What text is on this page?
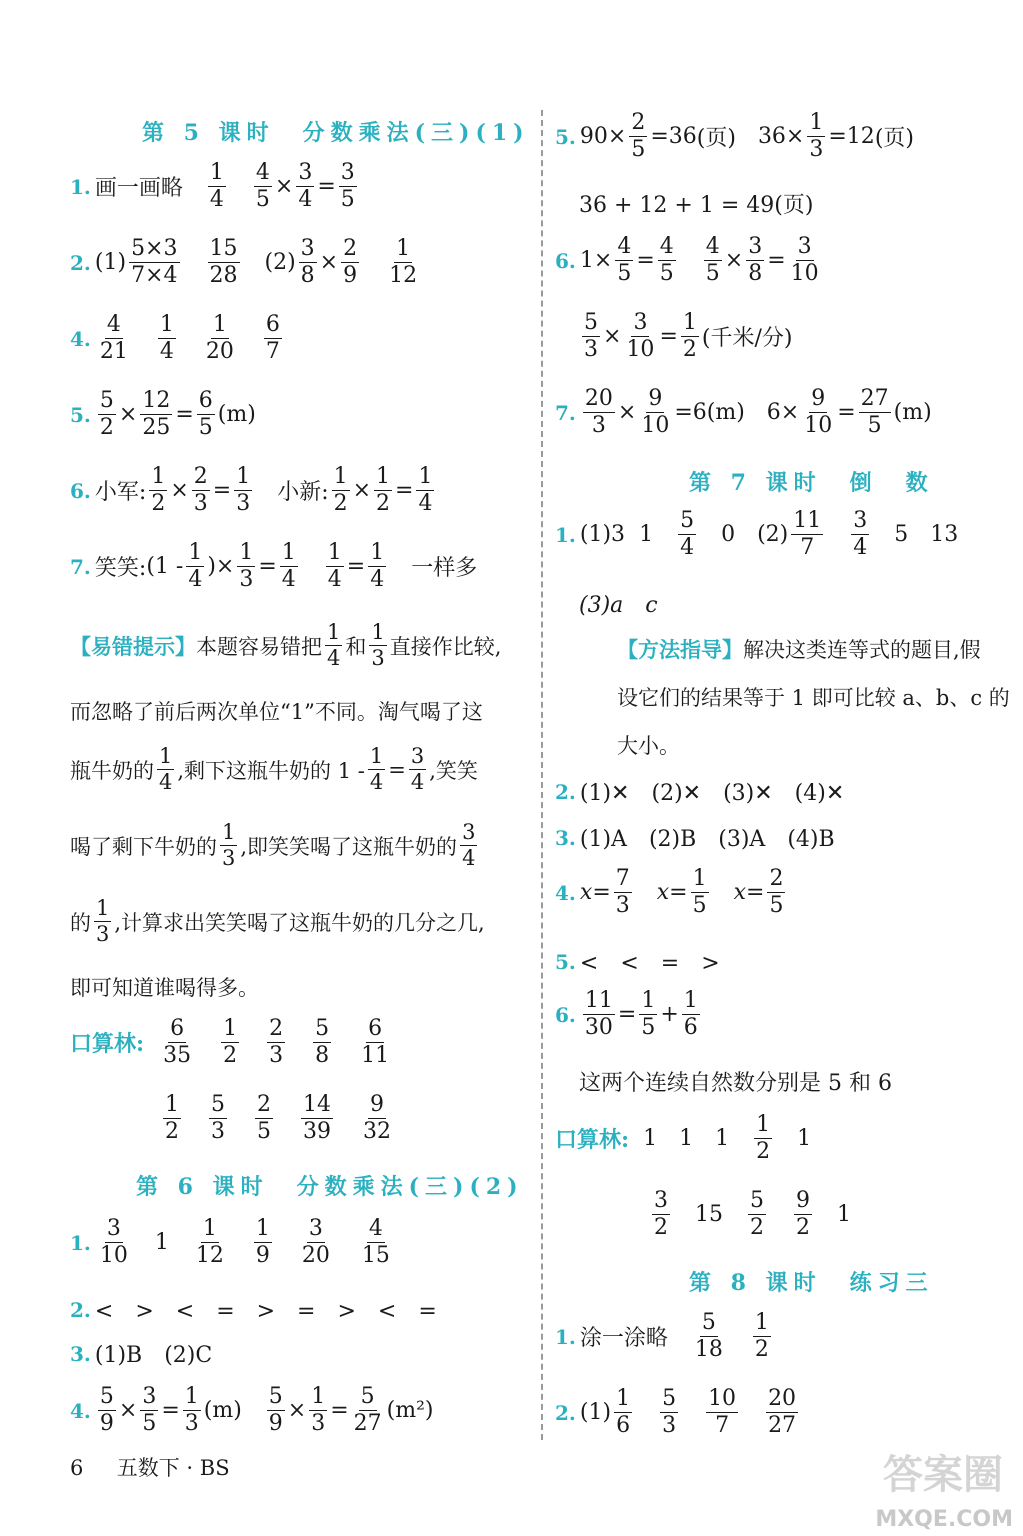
第 5 课时　分数乘法(三)(1)
1. 画一画略 $\frac{1}{4} \frac{4}{5} \times \frac{3}{4} = \frac{3}{5}$
2. $(1) \frac{5\times 3}{7\times 4} \frac{15}{28} (2) \frac{3}{8} \times \frac{2}{9} \frac{1}{12}$
4. $\frac{4}{21} \frac{1}{4} \frac{1}{20} \frac{6}{7}$
5. $\frac{5}{2} \times \frac{12}{25} = \frac{6}{5} (m)$
6. 小军: $\frac{1}{2} \times \frac{2}{3} = \frac{1}{3}$ 小新: $\frac{1}{2} \times \frac{1}{2} = \frac{1}{4}$
7. 笑笑: ($1 - \frac{1}{4}$ )× $\frac{1}{3} = \frac{1}{4} \frac{1}{4} = \frac{1}{4}$ 一样多
【易错提示】 本题容易错把 $\frac{1}{4}$ 和 $\frac{1}{3}$ 直接作比较,
而忽略了前后两次单位“1”不同。淘气喝了这
瓶牛奶的 $\frac{1}{4}$ ,剩下这瓶牛奶的 $1 - \frac{1}{4} = \frac{3}{4}$ ,笑笑
喝了剩下牛奶的 $\frac{1}{3}$ ,即笑笑喝了这瓶牛奶的 $\frac{3}{4}$
的 $\frac{1}{3}$ ,计算求出笑笑喝了这瓶牛奶的几分之几,
即可知道谁喝得多。
口算林: $\frac{6}{35} \frac{1}{2} \frac{2}{3} \frac{5}{8} \frac{6}{11}$
$\frac{1}{2} \frac{5}{3} \frac{2}{5} \frac{14}{39} \frac{9}{32}$
第 6 课时　分数乘法(三)(2)
1. $\frac{3}{10} 1 \frac{1}{12} \frac{1}{9} \frac{3}{20} \frac{4}{15}$
2. <　>　<　=　>　=　>　<　=
3. (1)B　(2)C
4. $\frac{5}{9} \times \frac{3}{5} = \frac{1}{3} (m) \frac{5}{9} \times \frac{1}{3} = \frac{5}{27} (m^2)$
5. $90\times \frac{2}{5} =36$ (页) $36\times \frac{1}{3} =12$ (页)
36 + 12 + 1 = 49(页)
6. $1\times \frac{4}{5} = \frac{4}{5} \frac{4}{5} \times \frac{3}{8} = \frac{3}{10}$
$\frac{5}{3} \times \frac{3}{10} = \frac{1}{2}$ (千米/分)
7. $\frac{20}{3} \times \frac{9}{10} =6(m)$
$6\times \frac{9}{10} = \frac{27}{5} (m)$
第 7 课时　倒　数
1. (1)3 $1 \frac{5}{4} 0$ $(2) \frac{11}{7} \frac{3}{4} 5$ 13
(3)a　c
【方法指导】 解决这类连等式的题目,假
设它们的结果等于 1 即可比较 a、b、c 的
大小。
2. (1)✕　(2)✕　(3)✕　(4)✕
3. (1)A　(2)B　(3)A　(4)B
4. $x = \frac{7}{3}$ $x = \frac{1}{5}$ $x = \frac{2}{5}$
5. <　<　=　>
6. $\frac{11}{30} = \frac{1}{5} + \frac{1}{6}$
这两个连续自然数分别是 5 和 6
口算林: 1 1 $1 \frac{1}{2} 1$
$\frac{3}{2} 15 \frac{5}{2} \frac{9}{2} 1$
第 8 课时　练习三
1. 涂一涂略 $\frac{5}{18} \frac{1}{2}$
2. $(1) \frac{1}{6} \frac{5}{3} \frac{10}{7} \frac{20}{27}$
6 五数下 · BS	答案圈
MXQE.COM
